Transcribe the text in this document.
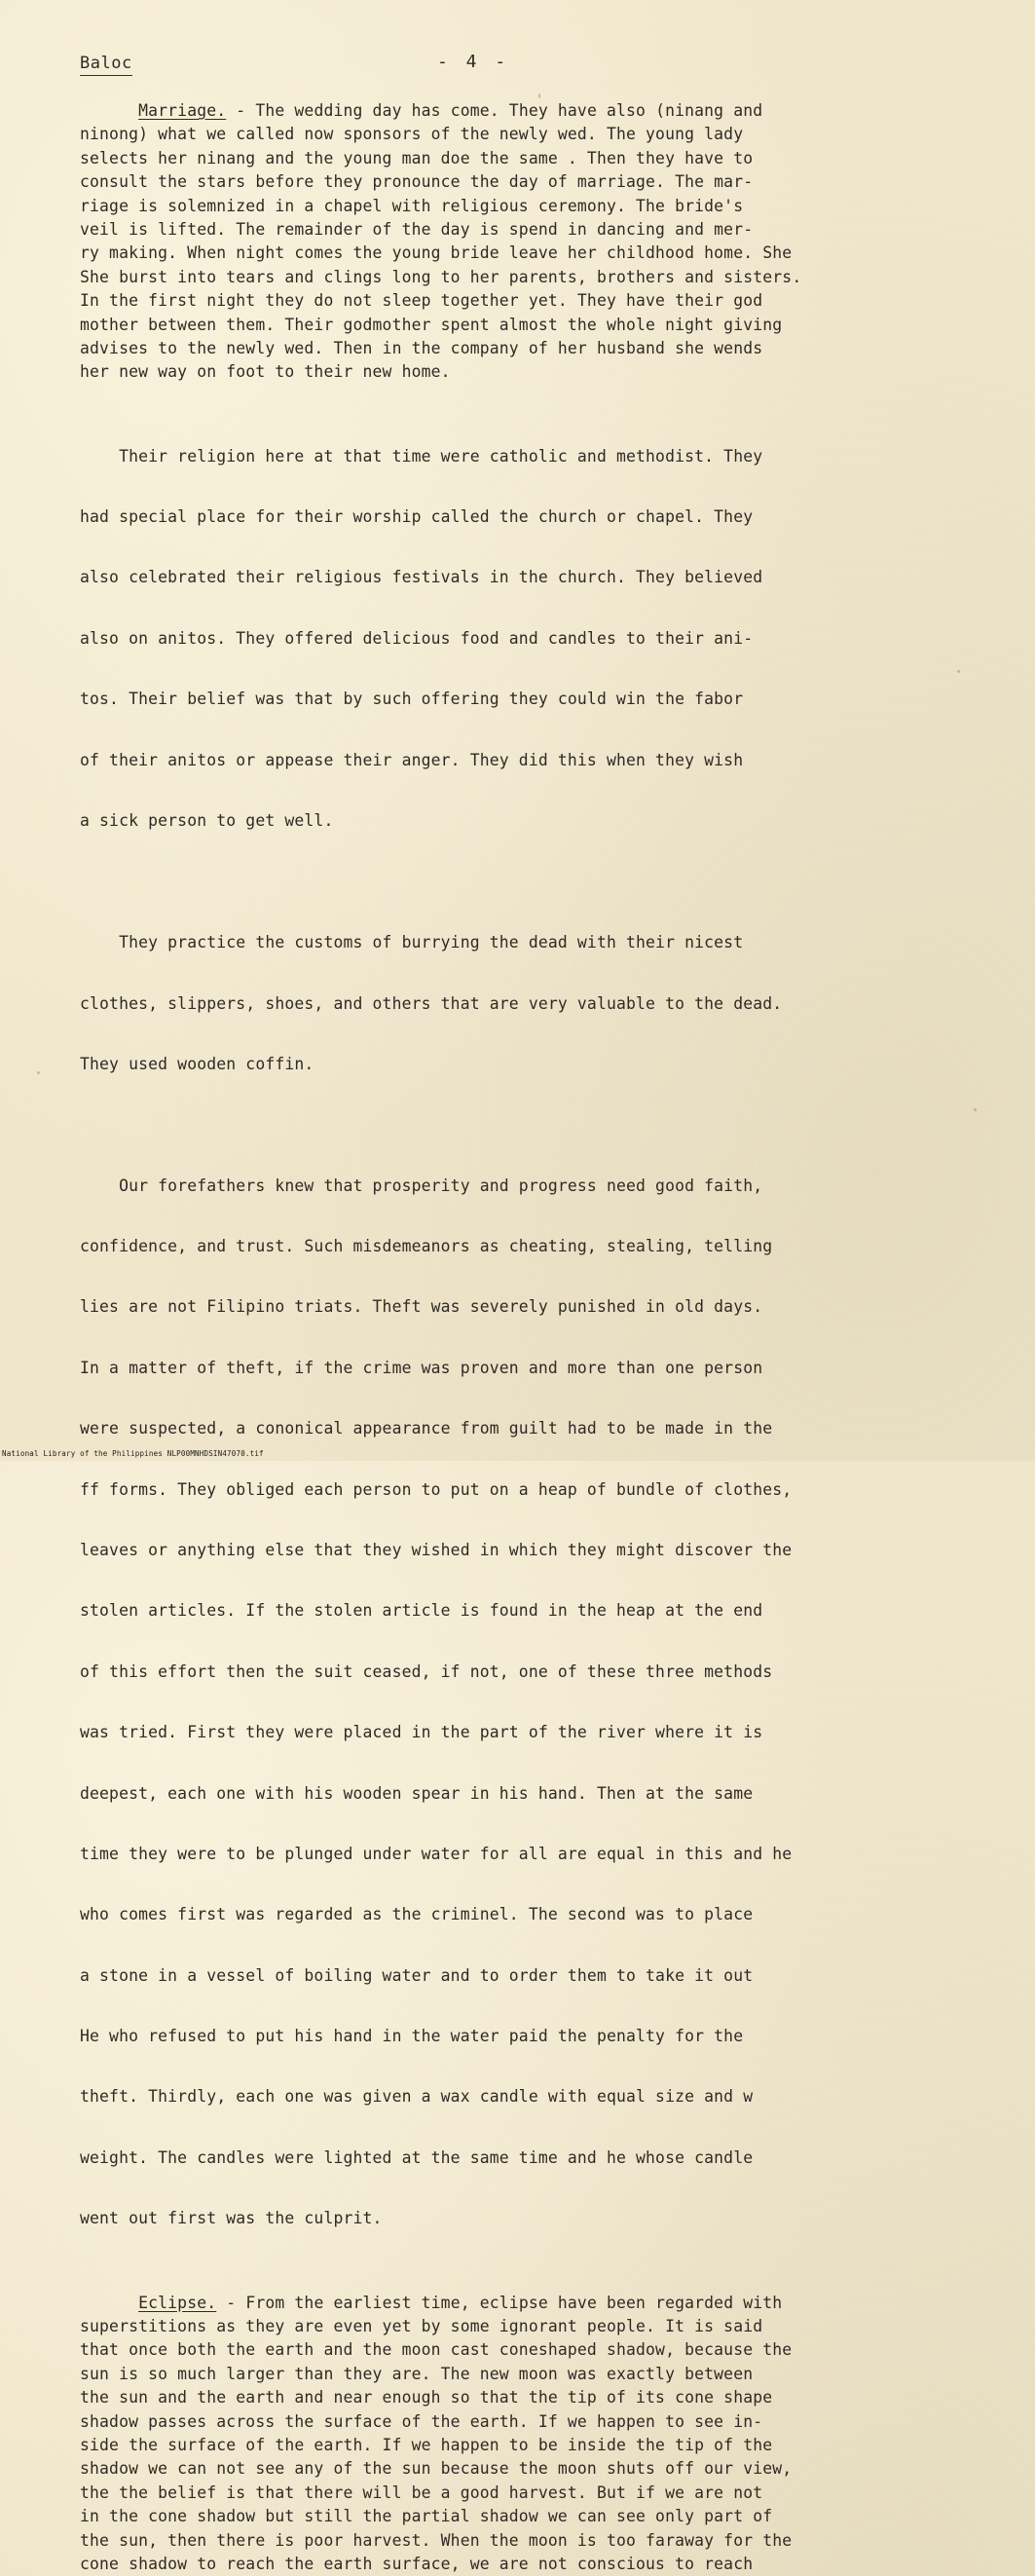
Baloc	- 4 -
Marriage. - The wedding day has come. They have also (ninang and
ninong) what we called now sponsors of the newly wed. The young lady
selects her ninang and the young man doe the same . Then they have to
consult the stars before they pronounce the day of marriage. The mar-
riage is solemnized in a chapel with religious ceremony. The bride's
veil is lifted. The remainder of the day is spend in dancing and mer-
ry making. When night comes the young bride leave her childhood home. She
She burst into tears and clings long to her parents, brothers and sisters.
In the first night they do not sleep together yet. They have their god
mother between them. Their godmother spent almost the whole night giving
advises to the newly wed. Then in the company of her husband she wends
her new way on foot to their new home.

Their religion here at that time were catholic and methodist. They

had special place for their worship called the church or chapel. They

also celebrated their religious festivals in the church. They believed

also on anitos. They offered delicious food and candles to their ani-

tos. Their belief was that by such offering they could win the fabor

of their anitos or appease their anger. They did this when they wish

a sick person to get well.

They practice the customs of burrying the dead with their nicest

clothes, slippers, shoes, and others that are very valuable to the dead.

They used wooden coffin.

Our forefathers knew that prosperity and progress need good faith,

confidence, and trust. Such misdemeanors as cheating, stealing, telling

lies are not Filipino triats. Theft was severely punished in old days.

In a matter of theft, if the crime was proven and more than one person

were suspected, a cononical appearance from guilt had to be made in the

ff forms. They obliged each person to put on a heap of bundle of clothes,

leaves or anything else that they wished in which they might discover the

stolen articles. If the stolen article is found in the heap at the end

of this effort then the suit ceased, if not, one of these three methods

was tried. First they were placed in the part of the river where it is

deepest, each one with his wooden spear in his hand. Then at the same

time they were to be plunged under water for all are equal in this and he

who comes first was regarded as the criminel. The second was to place

a stone in a vessel of boiling water and to order them to take it out

He who refused to put his hand in the water paid the penalty for the

theft. Thirdly, each one was given a wax candle with equal size and w

weight. The candles were lighted at the same time and he whose candle

went out first was the culprit.

Eclipse. - From the earliest time, eclipse have been regarded with
superstitions as they are even yet by some ignorant people. It is said
that once both the earth and the moon cast coneshaped shadow, because the
sun is so much larger than they are. The new moon was exactly between
the sun and the earth and near enough so that the tip of its cone shape
shadow passes across the surface of the earth. If we happen to see in-
side the surface of the earth. If we happen to be inside the tip of the
shadow we can not see any of the sun because the moon shuts off our view,
the the belief is that there will be a good harvest. But if we are not
in the cone shadow but still the partial shadow we can see only part of
the sun, then there is poor harvest. When the moon is too faraway for the
cone shadow to reach the earth surface, we are not conscious to reach
National Library of the Philippines NLP00MNHDSIN47070.tif
